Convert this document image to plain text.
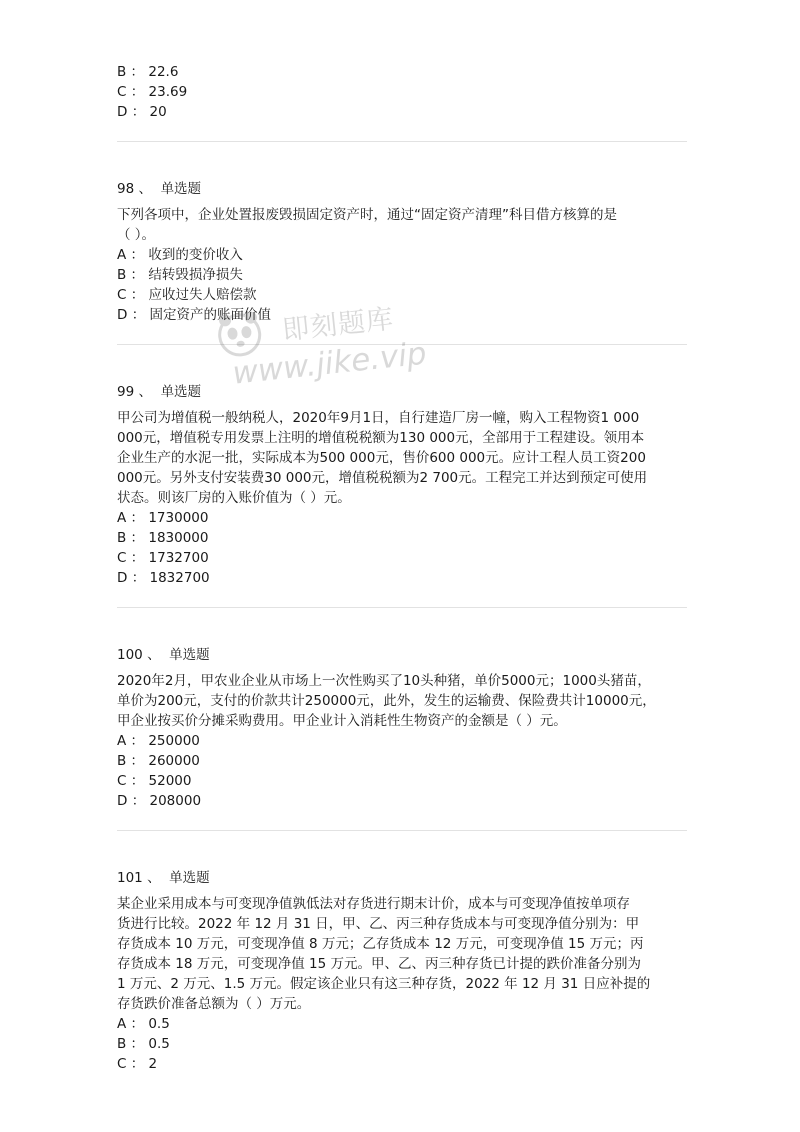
B ： 22.6
C ： 23.69
D ： 20
98 、  单选题
下列各项中，企业处置报废毁损固定资产时，通过“固定资产清理”科目借方核算的是
（ ）。
A ： 收到的变价收入
B ： 结转毁损净损失
C ： 应收过失人赔偿款
D ： 固定资产的账面价值
99 、  单选题
甲公司为增值税一般纳税人，2020年9月1日，自行建造厂房一幢，购入工程物资1 000
000元，增值税专用发票上注明的增值税税额为130 000元，全部用于工程建设。领用本
企业生产的水泥一批，实际成本为500 000元，售价600 000元。应计工程人员工资200
000元。另外支付安装费30 000元，增值税税额为2 700元。工程完工并达到预定可使用
状态。则该厂房的入账价值为（ ）元。
A ： 1730000
B ： 1830000
C ： 1732700
D ： 1832700
100 、  单选题
2020年2月，甲农业企业从市场上一次性购买了10头种猪，单价5000元；1000头猪苗，
单价为200元，支付的价款共计250000元，此外，发生的运输费、保险费共计10000元，
甲企业按买价分摊采购费用。甲企业计入消耗性生物资产的金额是（ ）元。
A ： 250000
B ： 260000
C ： 52000
D ： 208000
101 、  单选题
某企业采用成本与可变现净值孰低法对存货进行期末计价，成本与可变现净值按单项存
货进行比较。2022 年 12 月 31 日，甲、乙、丙三种存货成本与可变现净值分别为：甲
存货成本 10 万元，可变现净值 8 万元；乙存货成本 12 万元，可变现净值 15 万元；丙
存货成本 18 万元，可变现净值 15 万元。甲、乙、丙三种存货已计提的跌价准备分别为
1 万元、2 万元、1.5 万元。假定该企业只有这三种存货，2022 年 12 月 31 日应补提的
存货跌价准备总额为（ ）万元。
A ： 0.5
B ： 0.5
C ： 2
即刻题库
www.jike.vip
